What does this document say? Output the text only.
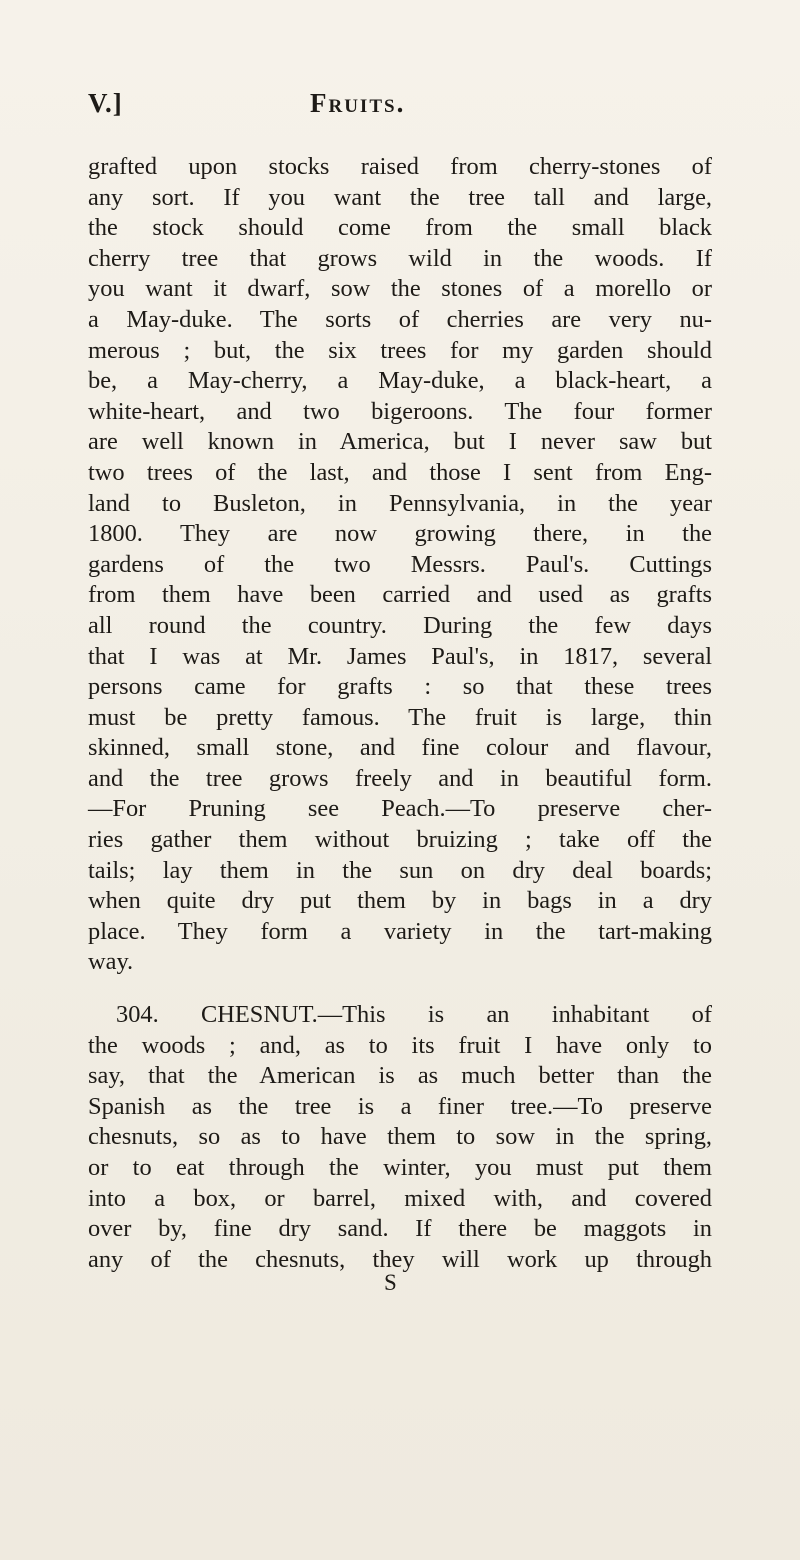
V.]	Fruits.
grafted upon stocks raised from cherry-stones of
any sort. If you want the tree tall and large,
the stock should come from the small black
cherry tree that grows wild in the woods. If
you want it dwarf, sow the stones of a morello or
a May-duke. The sorts of cherries are very nu-
merous ; but, the six trees for my garden should
be, a May-cherry, a May-duke, a black-heart, a
white-heart, and two bigeroons. The four former
are well known in America, but I never saw but
two trees of the last, and those I sent from Eng-
land to Busleton, in Pennsylvania, in the year
1800. They are now growing there, in the
gardens of the two Messrs. Paul's. Cuttings
from them have been carried and used as grafts
all round the country. During the few days
that I was at Mr. James Paul's, in 1817, several
persons came for grafts : so that these trees
must be pretty famous. The fruit is large, thin
skinned, small stone, and fine colour and flavour,
and the tree grows freely and in beautiful form.
—For Pruning see Peach.—To preserve cher-
ries gather them without bruizing ; take off the
tails; lay them in the sun on dry deal boards;
when quite dry put them by in bags in a dry
place. They form a variety in the tart-making
way.
304. CHESNUT.—This is an inhabitant of
the woods ; and, as to its fruit I have only to
say, that the American is as much better than the
Spanish as the tree is a finer tree.—To preserve
chesnuts, so as to have them to sow in the spring,
or to eat through the winter, you must put them
into a box, or barrel, mixed with, and covered
over by, fine dry sand. If there be maggots in
any of the chesnuts, they will work up through
S
